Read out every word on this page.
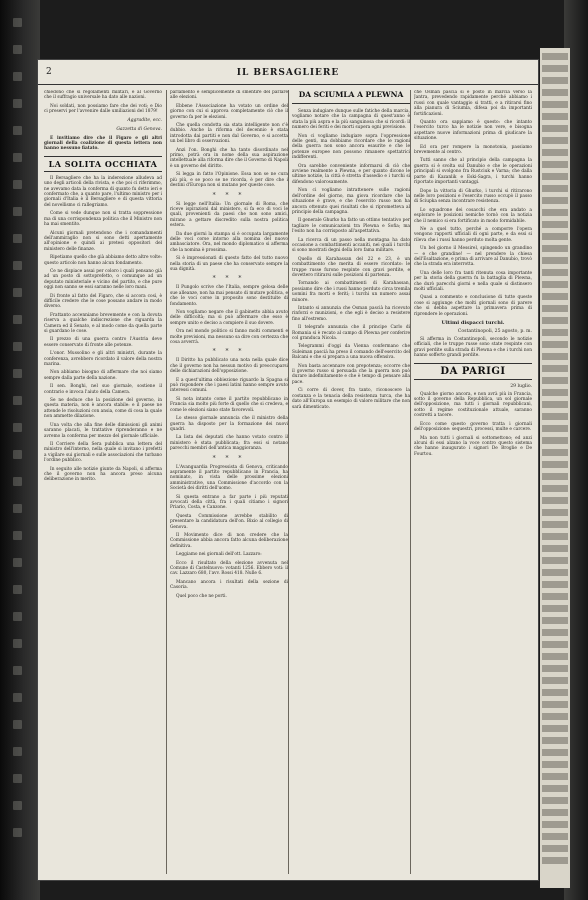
2	IL BERSAGLIERE

chiedono che si regolamenti militari, e al Governo che il suffragio universale ha dato alle nazioni.

Noi soldati, non possiamo fare che dei voti; e Dio ci preservi per l'avvenire dalle umiliazioni del 1879!

Aggradite, ecc.
Gazzetta di Genova.

E invitiamo dire che il Figaro e gli altri giornali della coalizione di questa lettera non hanno nessuno fiatato.

LA SOLITA OCCHIATA

Il Bersagliere che ha la inderezione alludeva ad uno degli articoli della rivista, e che poi ci riferimmo, ne avevamo data la conferma di quanto fu detto ieri e confermato che, a quanto pare, l'ultimo ministro per i giornali d'Italia è il Bersagliere e di questa vittoria del novellismo ci rallegriamo.

Come si vede dunque non si tratta soppressione ma di una corrispondenza politica che il Ministro non ha mai smentito.

Alcuni giornali pretendono che i comandamenti dell'ammiraglio non si sono detti apertamente all'opinione e quindi ai pretesi oppositori del ministero delle finanze.

Ripetiamo quello che già abbiamo detto altre volte: questo articolo non hanno alcun fondamento.

Ce ne dispiace assai per coloro i quali pensano già ad un posto di sottoprefetto, o comunque ad un deputato ministeriale e vicino del partito, e che pure oggi non sanno se essi saranno nelle loro mani.

Di fronte al fatto del Figaro, che si accora così, è difficile credere che le cose possano andare in modo diverso.

Frattanto accenniamo brevemente e con la dovuta riserva a qualche indiscrezione che riguarda la Camera ed il Senato, e al modo come da quella parte si guardano le cose.

Il prezzo di una guerra contro l'Austria deve essere conservato di fronte alle potenze.

L'onor. Mussolino e gli altri ministri, durante la conferenza, avrebbero ricordato il valore della nostra marina.

Non abbiamo bisogno di affermare che noi siamo sempre dalla parte della nazione.

Il sen. Bonghi, nel suo giornale, sostiene il contrario e invoca l'aiuto della Camera.

Se ne deduce che la posizione del governo, in questa materia, non è ancora stabile: e il paese ne attende le risoluzioni con ansia, come di cosa la quale non ammette dilazione.

Una volta che alla fine delle dimissioni gli animi saranno placati, le trattative riprenderanno e ne avremo la conferma per mezzo del giornale ufficiale.

Il Corriere della Sera pubblica una lettera del ministro dell'interno, nella quale si invitano i prefetti a vigilare sui giornali e sulle associazioni che turbano l'ordine pubblico.

In seguito alle notizie giunte da Napoli, si afferma che il governo non ha ancora preso alcuna deliberazione in merito.

parlamento e semplicemente di smentire del parlare alle elezioni.

Ebbene l'Associazione ha votato un ordine del giorno con cui si approva completamente ciò che il governo fa per le elezioni.

Che quella condotta sia stata intelligente non c'è dubbio. Anche la riforma del decennio è stata introdotta dai partiti e non dal Governo, e si accetta un bel libro di osservazioni.

Anzi l'on. Bonghi che ha tanto disordinato nel primo, potrà ora in nome della sua aspirazione intellettuale alla riforma dire che il Governo di Napoli è un governo del diritto.

Si legga in fatto l'Opinione. Essa non se ne cura più più, e se poco se ne ricorda, è per dire che i destini d'Europa non si mutano per queste cose.

* * *

Si legge nell'Italia: Un giornale di Roma, che riceve ispirazioni dal ministero, si fa eco di voci le quali, provenienti da paesi che non sono amici, mirano a gettare discredito sulla nostra politica estera.

Da due giorni la stampa si è occupata largamente delle voci corse intorno alla nomina del nuovo ambasciatore. Ora, nel mondo diplomatico si afferma che la nomina è prossima.

Si è impressionati di questo fatto del tutto nuovo nella storia di un paese che ha conservato sempre la sua dignità.

* * *

Il Pungolo scrive che l'Italia, sempre gelosa delle sue alleanze, non ha mai pensato di mutare politica, e che le voci corse in proposito sono destituite di fondamento.

Non vogliamo negare che il gabinetto abbia avuto delle difficoltà; ma si può affermare che esso è sempre unito e deciso a compiere il suo dovere.

Ora nel mondo politico si fanno molti commenti e molte previsioni, ma nessuno sa dire con certezza che cosa avverrà.

* * *

Il Diritto ha pubblicato una nota nella quale dice che il governo non ha nessun motivo di preoccuparsi delle dichiarazioni dell'opposizione.

E a quest'ultima obbiezione riguardo la Spagna si può rispondere che i paesi latini hanno sempre avuto interessi comuni.

Si nota intanto come il partito repubblicano in Francia sia molto più forte di quello che si credeva, e come le elezioni siano state favorevoli.

Lo stesso giornale annuncia che il ministro della guerra ha disposto per la formazione dei nuovi quadri.

La lista dei deputati che hanno votato contro il ministero è stata pubblicata; fra essi si notano parecchi membri dell'antica maggioranza.

* * *

L'Avanguardia Progressista di Genova, criticando aspramente il partito repubblicano in Francia, ha nominato, in vista delle prossime elezioni amministrative, una Commissione d'accordo con la Società dei diritti dell'uomo.

Si questa entrano a far parte i più reputati avvocati della città, fra i quali citiamo i signori Priario, Costa, e Canzone.

Questa Commissione avrebbe stabilito di presentare la candidatura dell'on. Bixio al collegio di Genova.

Il Movimento dice di non credere che la Commissione abbia ancora fatto alcuna deliberazione definitiva.

Leggiamo nei giornali dell'ott. Lazzaro:

Ecco il risultato della elezione avvenuta nel Comune di Castelnuovo: votanti 1256. Ebbero voti: il cav. Lazzaro 680, l'avv. Rossi 418. Nulle 6.

Mancano ancora i risultati della sezione di Casoria.

Quel poco che ne porti.

DA SCIUMLA A PLEWNA

Senza indugiare dunque sulle fatiche della marcia, vogliamo notare che la campagna di quest'anno è stata la più aspra e la più sanguinosa che si ricordi: il numero dei feriti e dei morti supera ogni previsione.

Non ci vogliamo indugiare sopra l'oppressione delle genti, ma dobbiamo ricordare che le ragioni della guerra non sono ancora esaurite e che le potenze europee non possono rimanere spettatrici indifferenti.

Ora sarebbe conveniente informarsi di ciò che avviene realmente a Plewna, e per quanto dicono le ultime notizie, la città è stretta d'assedio e i turchi si difendono valorosamente.

Non ci vogliamo intrattenere sulle ragioni dell'ordine del giorno, ma giova ricordare che la situazione è grave, e che l'esercito russo non ha ancora ottenuto quei risultati che si riprometteva al principio della campagna.

Il generale Ghurko ha fatto un ottimo tentativo per tagliare le comunicazioni tra Plewna e Sofia; ma l'esito non ha corrisposto all'aspettativa.

La ricerca di un passo nella montagna ha dato occasione a combattimenti accaniti, nei quali i turchi si sono mostrati degni della loro fama militare.

Quello di Karahassan del 22 e 23, è un combattimento che merita di essere ricordato: le truppe russe furono respinte con gravi perdite, e dovettero ritirarsi sulle posizioni di partenza.

Tornando ai combattimenti di Karahassan, possiamo dire che i russi hanno perduto circa tremila uomini fra morti e feriti; i turchi un numero assai minore.

Intanto si annunzia che Osman pascià ha ricevuto rinforzi e munizioni, e che egli è deciso a resistere fino all'estremo.

Il telegrafo annunzia che il principe Carlo di Romania si è recato al campo di Plewna per conferire col granduca Nicola.

Telegrammi d'oggi da Vienna confermano che Suleiman pascià ha preso il comando dell'esercito del Balcani e che si prepara a una nuova offensiva.

Non basta accennare con prepotenza; occorre che il governo russo si persuada che la guerra non può durare indefinitamente e che è tempo di pensare alla pace.

Ci corre di dover, fra tanto, riconoscere la costanza e la tenacia della resistenza turca, che ha dato all'Europa un esempio di valore militare che non sarà dimenticato.

che Osman pascià si è posto in marcia verso la Jantra, prevedendo rapidamente perché abbiamo i russi con quale vantaggio si tratti, e a ritirarsi fino alla pianura di Sciumla, difesa poi da importanti fortificazioni.

Quanto ora sappiamo è questo: che intanto l'esercito turco ha le notizie non vere, e bisogna aspettare nuove informazioni prima di giudicare la situazione.

Ed ora per rompere la monotonia, passiamo brevemente al centro.

Tutti sanno che al principio della campagna la guerra si è svolta sul Danubio e che le operazioni principali si svolgono fra Rustciuk e Varna; che dalla parte di Kazanlik e Eski-Sagra, i turchi hanno riportato importanti vantaggi.

Dopo la vittoria di Ghurko, i turchi si ritirarono nelle loro posizioni e l'esercito russo occupò il passo di Sciupka senza incontrare resistenza.

Lo squadrone dei cosacchi che era andato a esplorare le posizioni nemiche tornò con la notizia che il nemico si era fortificato in modo formidabile.

Ne a quel tutto, perché a comporre l'opera vengono rapporti ufficiali di ogni parte, e da essi si rileva che i russi hanno perduto molta gente.

Un bel giorno il Messirel, spingendo un grandino — e che grandine! — nel prendere la chiesa dell'Esaltazione, e prima di arrivare al Danubio, trovò che la strada era interrotta.

Una delle loro fra tanti ritenuta cosa importante per la storia della guerra fu la battaglia di Plewna, che durò parecchi giorni e nella quale si distinsero molti ufficiali.

Quasi a commento e conclusione di tutte queste cose si aggiunge che molti giornali sono di parere che si debba aspettare la primavera prima di riprendere le operazioni.

Ultimi dispacci turchi.
Costantinopoli, 25 agosto, p. m.

Si afferma in Costantinopoli, secondo le notizie officiali, che le truppe russe sono state respinte con gravi perdite sulla strada di Plewna e che i turchi non hanno sofferto grandi perdite.

DA PARIGI
29 luglio.

Qualche giorno ancora, e non avrà più in Francia, sotto il governo della Repubblica, un sol giornale dell'opposizione, ma tutti i giornali repubblicani, sotto il regime costituzionale attuale, saranno costretti a tacere.

Ecco come questo governo tratta i giornali dell'opposizione: sequestri, processi, multe e carcere.

Ma non tutti i giornali si sottomettono; ed anzi alcuni di essi alzano la voce contro questo sistema che hanno inaugurato i signori De Broglie e De Fourtou.
